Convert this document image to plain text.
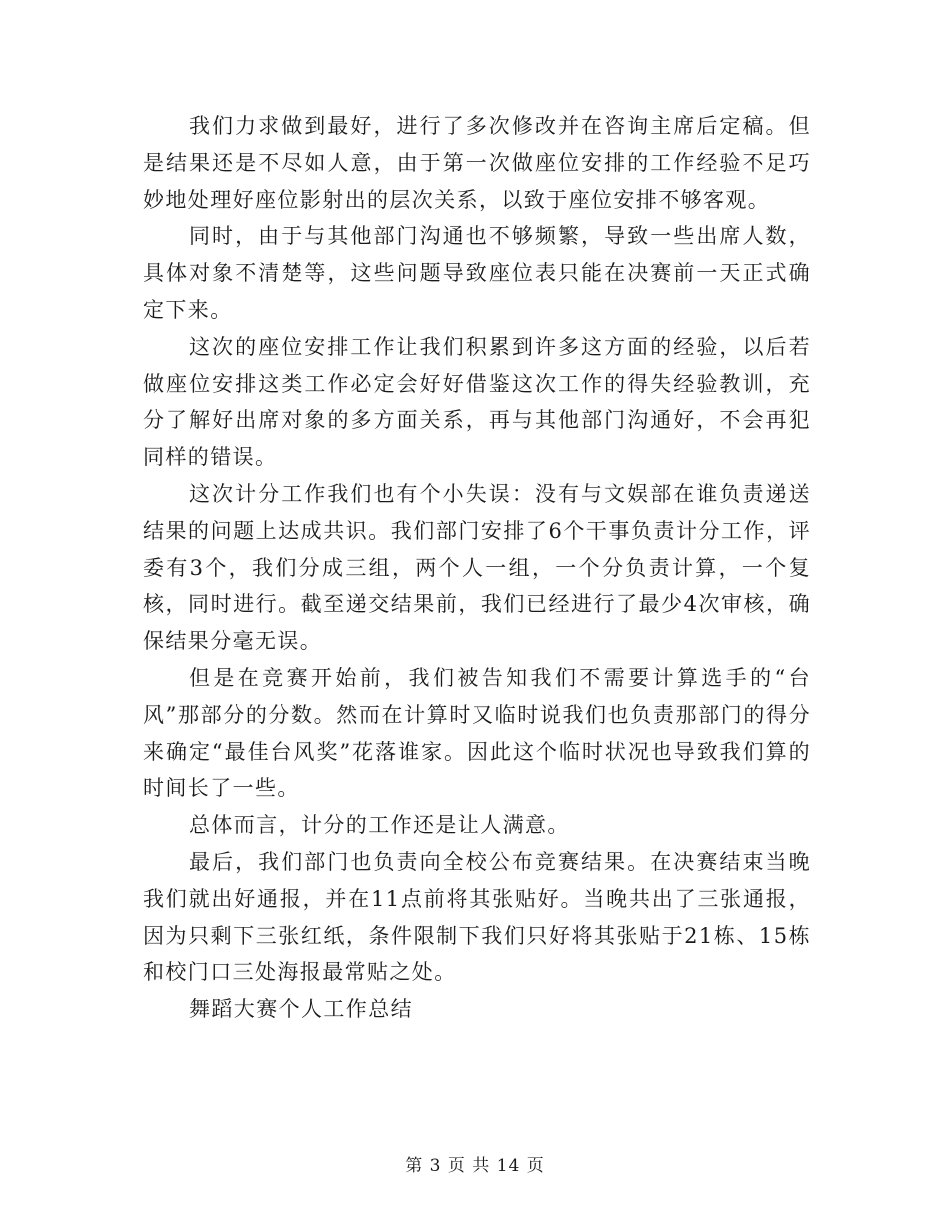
我们力求做到最好，进行了多次修改并在咨询主席后定稿。但是结果还是不尽如人意，由于第一次做座位安排的工作经验不足巧妙地处理好座位影射出的层次关系，以致于座位安排不够客观。

同时，由于与其他部门沟通也不够频繁，导致一些出席人数，具体对象不清楚等，这些问题导致座位表只能在决赛前一天正式确定下来。

这次的座位安排工作让我们积累到许多这方面的经验，以后若做座位安排这类工作必定会好好借鉴这次工作的得失经验教训，充分了解好出席对象的多方面关系，再与其他部门沟通好，不会再犯同样的错误。

这次计分工作我们也有个小失误：没有与文娱部在谁负责递送结果的问题上达成共识。我们部门安排了6个干事负责计分工作，评委有3个，我们分成三组，两个人一组，一个分负责计算，一个复核，同时进行。截至递交结果前，我们已经进行了最少4次审核，确保结果分毫无误。

但是在竞赛开始前，我们被告知我们不需要计算选手的“台风”那部分的分数。然而在计算时又临时说我们也负责那部门的得分来确定“最佳台风奖”花落谁家。因此这个临时状况也导致我们算的时间长了一些。

总体而言，计分的工作还是让人满意。

最后，我们部门也负责向全校公布竞赛结果。在决赛结束当晚我们就出好通报，并在11点前将其张贴好。当晚共出了三张通报，因为只剩下三张红纸，条件限制下我们只好将其张贴于21栋、15栋和校门口三处海报最常贴之处。

舞蹈大赛个人工作总结

第 3 页 共 14 页
